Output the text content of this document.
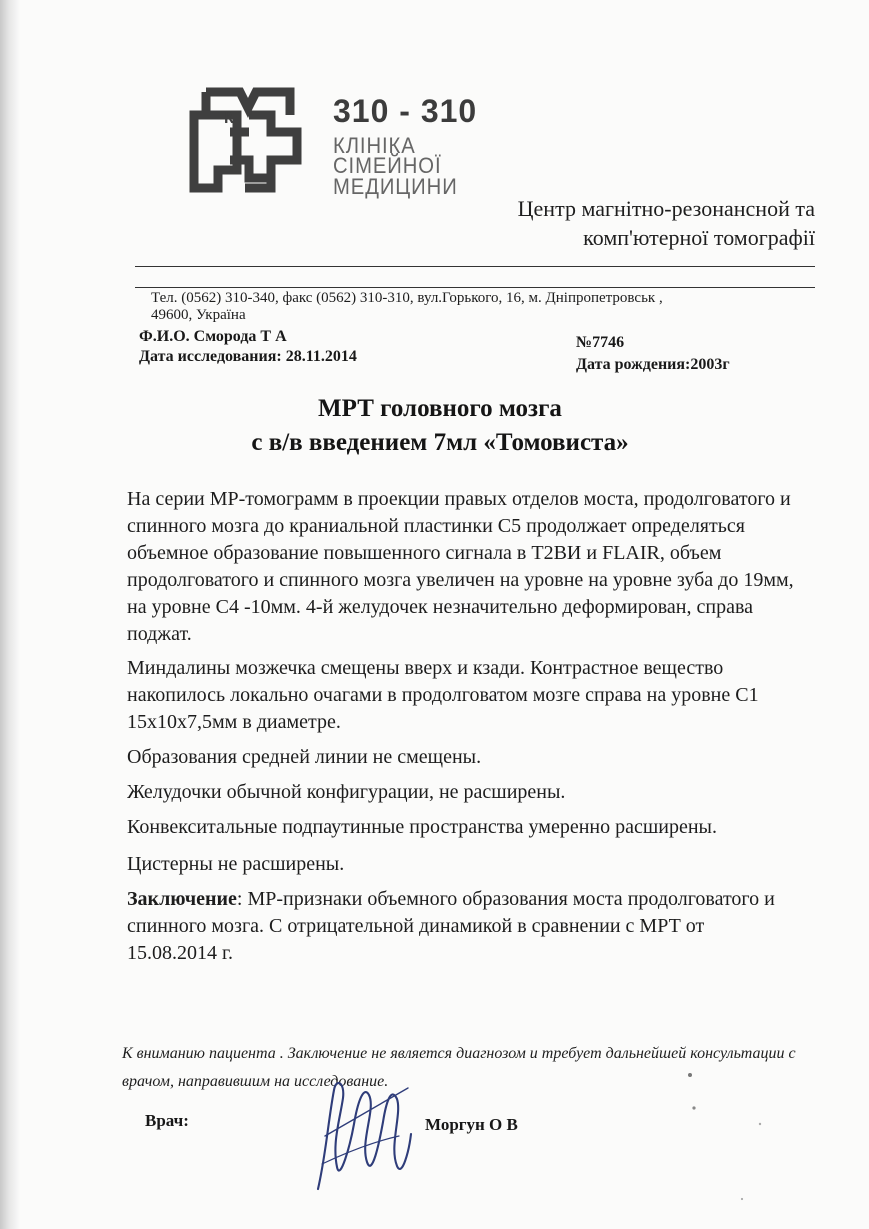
К	310 - 310
КЛІНІКА
СІМЕЙНОЇ
МЕДИЦИНИ
Центр магнітно-резонансной та
комп'ютерної томографії
Тел. (0562) 310-340, факс (0562) 310-310, вул.Горького, 16, м. Дніпропетровськ ,
49600, Україна
Ф.И.О. Сморода Т А
Дата исследования: 28.11.2014
№7746
Дата рождения:2003г
МРТ головного мозга
с в/в введением 7мл «Томовиста»

На серии МР-томограмм в проекции правых отделов моста, продолговатого и спинного мозга до краниальной пластинки С5 продолжает определяться объемное образование повышенного сигнала в Т2ВИ и FLAIR, объем продолговатого и спинного мозга увеличен на уровне на уровне зуба до 19мм, на уровне С4 -10мм. 4-й желудочек незначительно деформирован, справа поджат.

Миндалины мозжечка смещены вверх и кзади. Контрастное вещество накопилось локально очагами в продолговатом мозге справа на уровне С1 15х10х7,5мм в диаметре.

Образования средней линии не смещены.

Желудочки обычной конфигурации, не расширены.

Конвекситальные подпаутинные пространства умеренно расширены.

Цистерны не расширены.

Заключение: МР-признаки объемного образования моста продолговатого и спинного мозга. С отрицательной динамикой в сравнении с МРТ от 15.08.2014 г.

К вниманию пациента . Заключение не является диагнозом и требует дальнейшей консультации с врачом, направившим на исследование.
Врач:	Моргун О В
